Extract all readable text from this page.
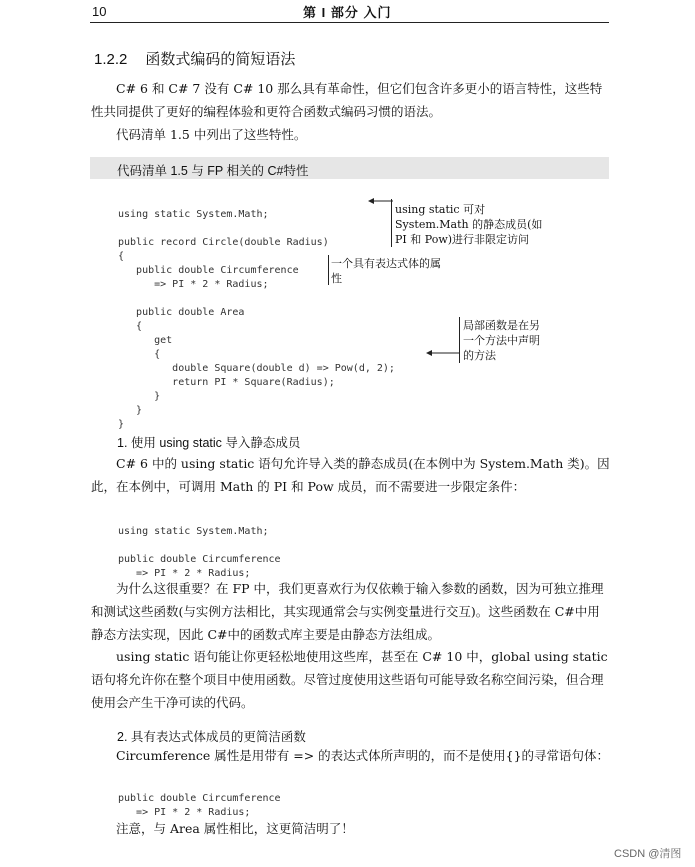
10	第 I 部分 入门
1.2.2 函数式编码的简短语法
C# 6 和 C# 7 没有 C# 10 那么具有革命性，但它们包含许多更小的语言特性，这些特性共同提供了更好的编程体验和更符合函数式编码习惯的语法。
代码清单 1.5 中列出了这些特性。
代码清单 1.5 与 FP 相关的 C#特性

using static System.Math;

public record Circle(double Radius)
{
public double Circumference
=> PI * 2 * Radius;

public double Area
{
get
{
double Square(double d) => Pow(d, 2);
return PI * Square(Radius);
}
}
}

using static 可对 System.Math 的静态成员(如 PI 和 Pow)进行非限定访问
一个具有表达式体的属性
局部函数是在另一个方法中声明的方法
1. 使用 using static 导入静态成员
C# 6 中的 using static 语句允许导入类的静态成员(在本例中为 System.Math 类)。因此，在本例中，可调用 Math 的 PI 和 Pow 成员，而不需要进一步限定条件：

using static System.Math;

public double Circumference
=> PI * 2 * Radius;

为什么这很重要？在 FP 中，我们更喜欢行为仅依赖于输入参数的函数，因为可独立推理和测试这些函数(与实例方法相比，其实现通常会与实例变量进行交互)。这些函数在 C#中用静态方法实现，因此 C#中的函数式库主要是由静态方法组成。
using static 语句能让你更轻松地使用这些库，甚至在 C# 10 中，global using static 语句将允许你在整个项目中使用函数。尽管过度使用这些语句可能导致名称空间污染，但合理使用会产生干净可读的代码。
2. 具有表达式体成员的更简洁函数
Circumference 属性是用带有 => 的表达式体所声明的，而不是使用{}的寻常语句体：

public double Circumference
=> PI * 2 * Radius;

注意，与 Area 属性相比，这更简洁明了！
CSDN @清图
